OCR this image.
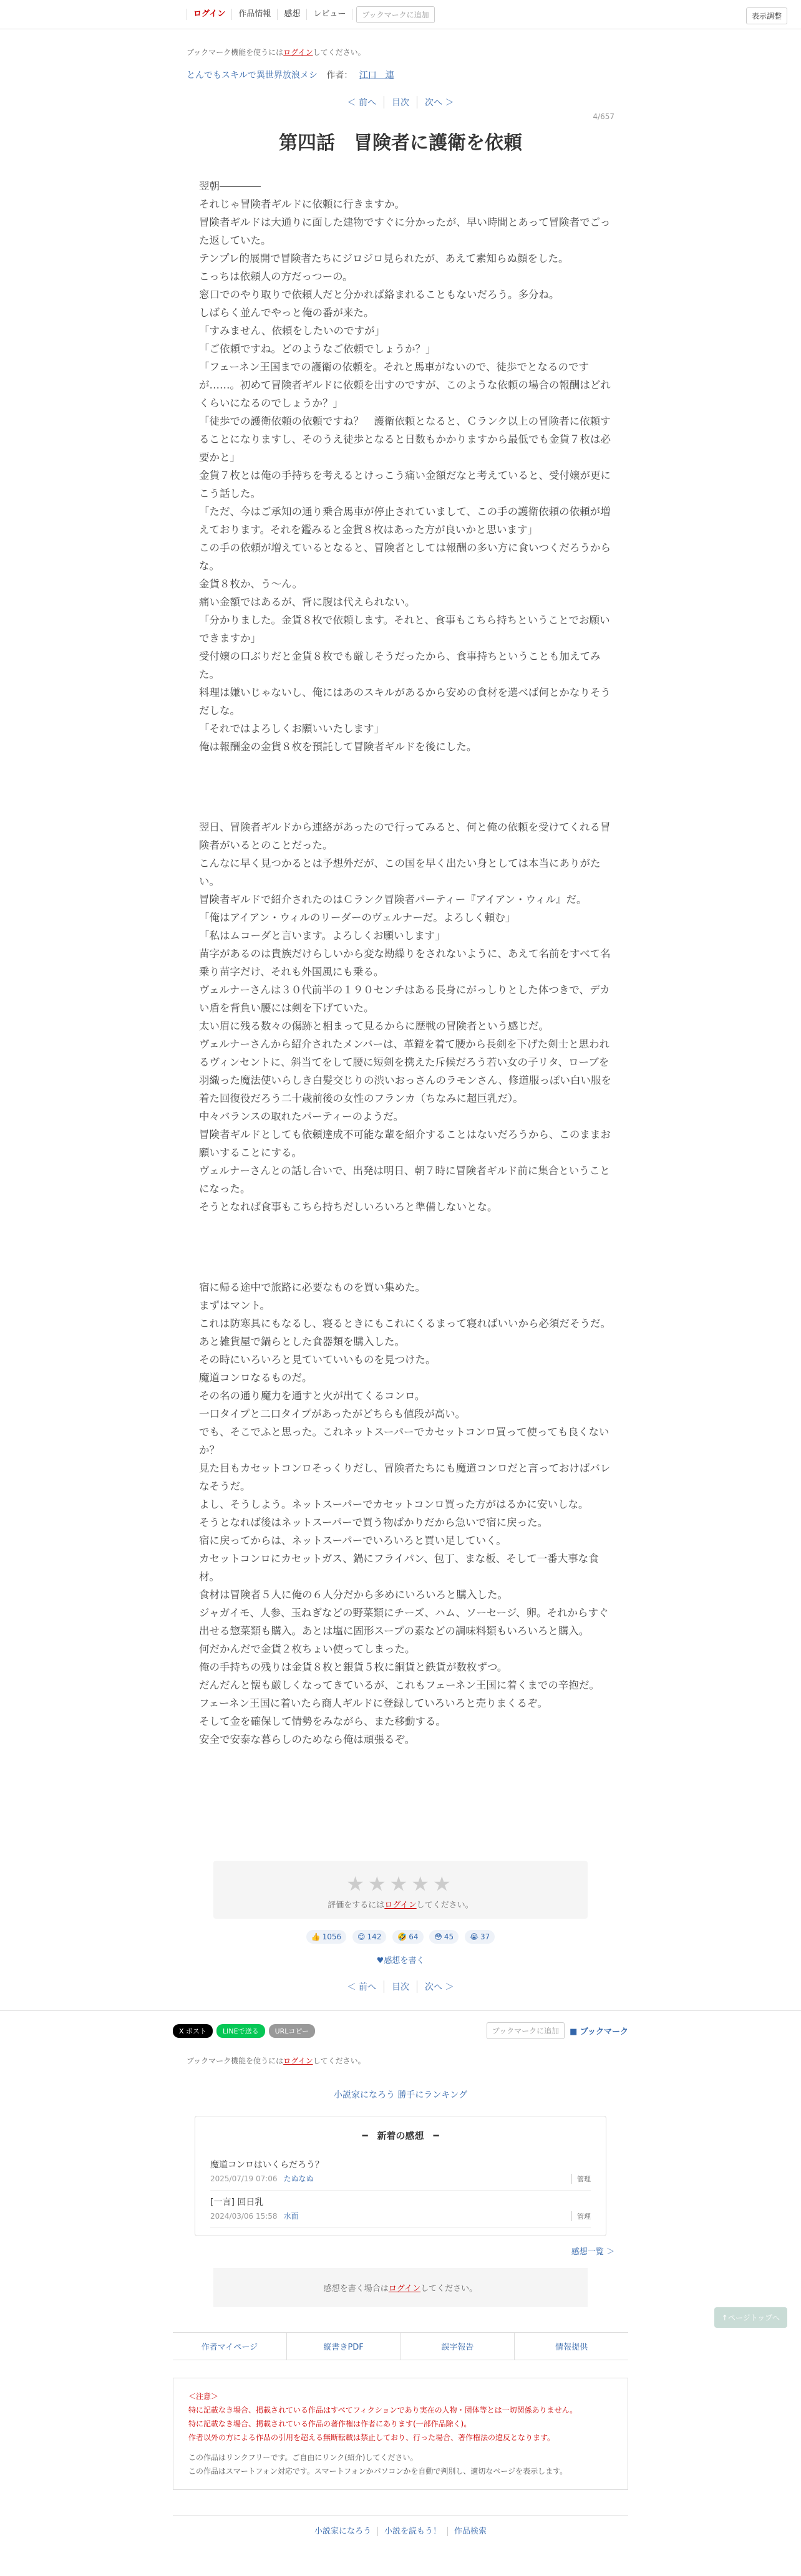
ログイン	作品情報	感想	レビュー	ブックマークに追加	表示調整
ブックマーク機能を使うにはログインしてください。
とんでもスキルで異世界放浪メシ 作者： 江口　連
＜ 前へ 目次 次へ ＞
4/657
第四話　冒険者に護衛を依頼

翌朝――――

それじゃ冒険者ギルドに依頼に行きますか。

冒険者ギルドは大通りに面した建物ですぐに分かったが、早い時間とあって冒険者でごった返していた。

テンプレ的展開で冒険者たちにジロジロ見られたが、あえて素知らぬ顔をした。

こっちは依頼人の方だっつーの。

窓口でのやり取りで依頼人だと分かれば絡まれることもないだろう。多分ね。

しばらく並んでやっと俺の番が来た。

「すみません、依頼をしたいのですが」

「ご依頼ですね。どのようなご依頼でしょうか？」

「フェーネン王国までの護衛の依頼を。それと馬車がないので、徒歩でとなるのですが……。初めて冒険者ギルドに依頼を出すのですが、このような依頼の場合の報酬はどれくらいになるのでしょうか？」

「徒歩での護衛依頼の依頼ですね？　護衛依頼となると、Ｃランク以上の冒険者に依頼することになりますし、そのうえ徒歩となると日数もかかりますから最低でも金貨７枚は必要かと」

金貨７枚とは俺の手持ちを考えるとけっこう痛い金額だなと考えていると、受付嬢が更にこう話した。

「ただ、今はご承知の通り乗合馬車が停止されていまして、この手の護衛依頼の依頼が増えております。それを鑑みると金貨８枚はあった方が良いかと思います」

この手の依頼が増えているとなると、冒険者としては報酬の多い方に食いつくだろうからな。

金貨８枚か、う～ん。

痛い金額ではあるが、背に腹は代えられない。

「分かりました。金貨８枚で依頼します。それと、食事もこちら持ちということでお願いできますか」

受付嬢の口ぶりだと金貨８枚でも厳しそうだったから、食事持ちということも加えてみた。

料理は嫌いじゃないし、俺にはあのスキルがあるから安めの食材を選べば何とかなりそうだしな。

「それではよろしくお願いいたします」

俺は報酬金の金貨８枚を預託して冒険者ギルドを後にした。

翌日、冒険者ギルドから連絡があったので行ってみると、何と俺の依頼を受けてくれる冒険者がいるとのことだった。

こんなに早く見つかるとは予想外だが、この国を早く出たい身としては本当にありがたい。

冒険者ギルドで紹介されたのはＣランク冒険者パーティー『アイアン・ウィル』だ。

「俺はアイアン・ウィルのリーダーのヴェルナーだ。よろしく頼む」

「私はムコーダと言います。よろしくお願いします」

苗字があるのは貴族だけらしいから変な勘繰りをされないように、あえて名前をすべて名乗り苗字だけ、それも外国風にも乗る。

ヴェルナーさんは３０代前半の１９０センチはある長身にがっしりとした体つきで、デカい盾を背負い腰には剣を下げていた。

太い眉に残る数々の傷跡と相まって見るからに歴戦の冒険者という感じだ。

ヴェルナーさんから紹介されたメンバーは、革鎧を着て腰から長剣を下げた剣士と思われるヴィンセントに、斜当てをして腰に短剣を携えた斥候だろう若い女の子リタ、ローブを羽織った魔法使いらしき白髪交じりの渋いおっさんのラモンさん、修道服っぽい白い服を着た回復役だろう二十歳前後の女性のフランカ（ちなみに超巨乳だ）。

中々バランスの取れたパーティーのようだ。

冒険者ギルドとしても依頼達成不可能な輩を紹介することはないだろうから、このままお願いすることにする。

ヴェルナーさんとの話し合いで、出発は明日、朝７時に冒険者ギルド前に集合ということになった。

そうとなれば食事もこちら持ちだしいろいろと準備しないとな。

宿に帰る途中で旅路に必要なものを買い集めた。

まずはマント。

これは防寒具にもなるし、寝るときにもこれにくるまって寝ればいいから必須だそうだ。

あと雑貨屋で鍋らとした食器類を購入した。

その時にいろいろと見ていていいものを見つけた。

魔道コンロなるものだ。

その名の通り魔力を通すと火が出てくるコンロ。

一口タイプと二口タイプがあったがどちらも値段が高い。

でも、そこでふと思った。これネットスーパーでカセットコンロ買って使っても良くないか？

見た目もカセットコンロそっくりだし、冒険者たちにも魔道コンロだと言っておけばバレなそうだ。

よし、そうしよう。ネットスーパーでカセットコンロ買った方がはるかに安いしな。

そうとなれば後はネットスーパーで買う物ばかりだから急いで宿に戻った。

宿に戻ってからは、ネットスーパーでいろいろと買い足していく。

カセットコンロにカセットガス、鍋にフライパン、包丁、まな板、そして一番大事な食材。

食材は冒険者５人に俺の６人分だから多めにいろいろと購入した。

ジャガイモ、人参、玉ねぎなどの野菜類にチーズ、ハム、ソーセージ、卵。それからすぐ出せる惣菜類も購入。あとは塩に固形スープの素などの調味料類もいろいろと購入。

何だかんだで金貨２枚ちょい使ってしまった。

俺の手持ちの残りは金貨８枚と銀貨５枚に銅貨と鉄貨が数枚ずつ。

だんだんと懐も厳しくなってきているが、これもフェーネン王国に着くまでの辛抱だ。

フェーネン王国に着いたら商人ギルドに登録していろいろと売りまくるぞ。

そして金を確保して情勢をみながら、また移動する。

安全で安泰な暮らしのためなら俺は頑張るぞ。

★★★★★
評価をするにはログインしてください。
👍 1056 😊 142 🤣 64 😳 45 😭 37
♥感想を書く
＜ 前へ 目次 次へ ＞
X ポスト	LINEで送る	URLコピー	ブックマークに追加	■ ブックマーク
ブックマーク機能を使うにはログインしてください。
小説家になろう 勝手にランキング
━　新着の感想　━
魔道コンロはいくらだろう？
2025/07/19 07:06 たぬなぬ	管理
[一言] 回日乳
2024/03/06 15:58 水面	管理
感想一覧 ＞
感想を書く場合はログインしてください。
作者マイページ	縦書きPDF	誤字報告	情報提供
＜注意＞
特に記載なき場合、掲載されている作品はすべてフィクションであり実在の人物・団体等とは一切関係ありません。
特に記載なき場合、掲載されている作品の著作権は作者にあります(一部作品除く)。
作者以外の方による作品の引用を超える無断転載は禁止しており、行った場合、著作権法の違反となります。
この作品はリンクフリーです。ご自由にリンク(紹介)してください。
この作品はスマートフォン対応です。スマートフォンかパソコンかを自動で判別し、適切なページを表示します。
小説家になろう 小説を読もう！ 作品検索
↑ページトップへ
